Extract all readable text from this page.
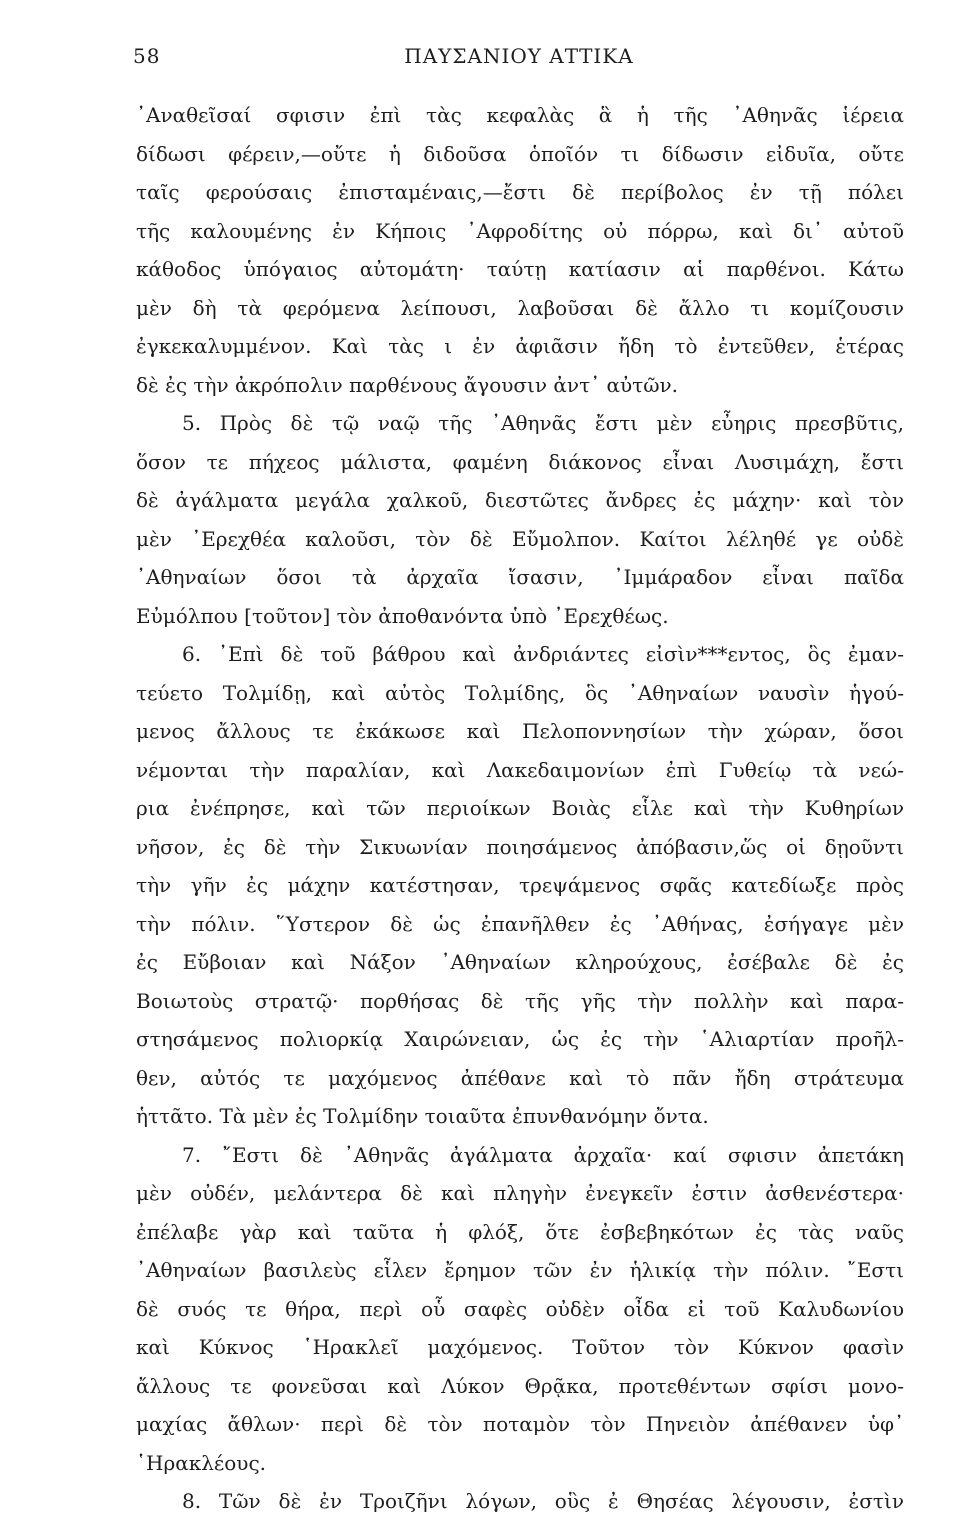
58	ΠΑΥΣΑΝΙΟΥ ΑΤΤΙΚΑ
᾿Αναθεῖσαί σφισιν ἐπὶ τὰς κεφαλὰς ἃ ἡ τῆς ᾿Αθηνᾶς ἱέρεια
δίδωσι φέρειν,—οὔτε ἡ διδοῦσα ὁποῖόν τι δίδωσιν εἰδυῖα, οὔτε
ταῖς φερούσαις ἐπισταμέναις,—ἔστι δὲ περίβολος ἐν τῇ πόλει
τῆς καλουμένης ἐν Κήποις ᾿Αφροδίτης οὐ πόρρω, καὶ δι᾿ αὐτοῦ
κάθοδος ὑπόγαιος αὐτομάτη· ταύτῃ κατίασιν αἱ παρθένοι. Κάτω
μὲν δὴ τὰ φερόμενα λείπουσι, λαβοῦσαι δὲ ἄλλο τι κομίζουσιν
ἐγκεκαλυμμένον. Καὶ τὰς ι ἐν ἀφιᾶσιν ἤδη τὸ ἐντεῦθεν, ἑτέρας
δὲ ἐς τὴν ἀκρόπολιν παρθένους ἄγουσιν ἀντ᾿ αὐτῶν.
5. Πρὸς δὲ τῷ ναῷ τῆς ᾿Αθηνᾶς ἔστι μὲν εὖηρις πρεσβῦτις,
ὅσον τε πήχεος μάλιστα, φαμένη διάκονος εἶναι Λυσιμάχη, ἔστι
δὲ ἀγάλματα μεγάλα χαλκοῦ, διεστῶτες ἄνδρες ἐς μάχην· καὶ τὸν
μὲν ᾿Ερεχθέα καλοῦσι, τὸν δὲ Εὔμολπον. Καίτοι λέληθέ γε οὐδὲ
᾿Αθηναίων ὅσοι τὰ ἀρχαῖα ἴσασιν, ᾿Ιμμάραδον εἶναι παῖδα
Εὐμόλπου [τοῦτον] τὸν ἀποθανόντα ὑπὸ ᾿Ερεχθέως.
6. ᾿Επὶ δὲ τοῦ βάθρου καὶ ἀνδριάντες εἰσὶν***εντος, ὃς ἐμαν-
τεύετο Τολμίδῃ, καὶ αὐτὸς Τολμίδης, ὃς ᾿Αθηναίων ναυσὶν ἡγού-
μενος ἄλλους τε ἐκάκωσε καὶ Πελοποννησίων τὴν χώραν, ὅσοι
νέμονται τὴν παραλίαν, καὶ Λακεδαιμονίων ἐπὶ Γυθείῳ τὰ νεώ-
ρια ἐνέπρησε, καὶ τῶν περιοίκων Βοιὰς εἷλε καὶ τὴν Κυθηρίων
νῆσον, ἐς δὲ τὴν Σικυωνίαν ποιησάμενος ἀπόβασιν,ὥς οἱ δῃοῦντι
τὴν γῆν ἐς μάχην κατέστησαν, τρεψάμενος σφᾶς κατεδίωξε πρὸς
τὴν πόλιν. ῞Υστερον δὲ ὡς ἐπανῆλθεν ἐς ᾿Αθήνας, ἐσήγαγε μὲν
ἐς Εὔβοιαν καὶ Νάξον ᾿Αθηναίων κληρούχους, ἐσέβαλε δὲ ἐς
Βοιωτοὺς στρατῷ· πορθήσας δὲ τῆς γῆς τὴν πολλὴν καὶ παρα-
στησάμενος πολιορκίᾳ Χαιρώνειαν, ὡς ἐς τὴν ῾Αλιαρτίαν προῆλ-
θεν, αὐτός τε μαχόμενος ἀπέθανε καὶ τὸ πᾶν ἤδη στράτευμα
ἡττᾶτο. Τὰ μὲν ἐς Τολμίδην τοιαῦτα ἐπυνθανόμην ὄντα.
7. ῎Εστι δὲ ᾿Αθηνᾶς ἀγάλματα ἀρχαῖα· καί σφισιν ἀπετάκη
μὲν οὐδέν, μελάντερα δὲ καὶ πληγὴν ἐνεγκεῖν ἐστιν ἀσθενέστερα·
ἐπέλαβε γὰρ καὶ ταῦτα ἡ φλόξ, ὅτε ἐσβεβηκότων ἐς τὰς ναῦς
᾿Αθηναίων βασιλεὺς εἷλεν ἔρημον τῶν ἐν ἡλικίᾳ τὴν πόλιν. ῎Εστι
δὲ συός τε θήρα, περὶ οὗ σαφὲς οὐδὲν οἶδα εἰ τοῦ Καλυδωνίου
καὶ Κύκνος ῾Ηρακλεῖ μαχόμενος. Τοῦτον τὸν Κύκνον φασὶν
ἄλλους τε φονεῦσαι καὶ Λύκον Θρᾷκα, προτεθέντων σφίσι μονο-
μαχίας ἄθλων· περὶ δὲ τὸν ποταμὸν τὸν Πηνειὸν ἀπέθανεν ὑφ᾿
῾Ηρακλέους.
8. Τῶν δὲ ἐν Τροιζῆνι λόγων, οὓς ἐ Θησέας λέγουσιν, ἐστὶν
